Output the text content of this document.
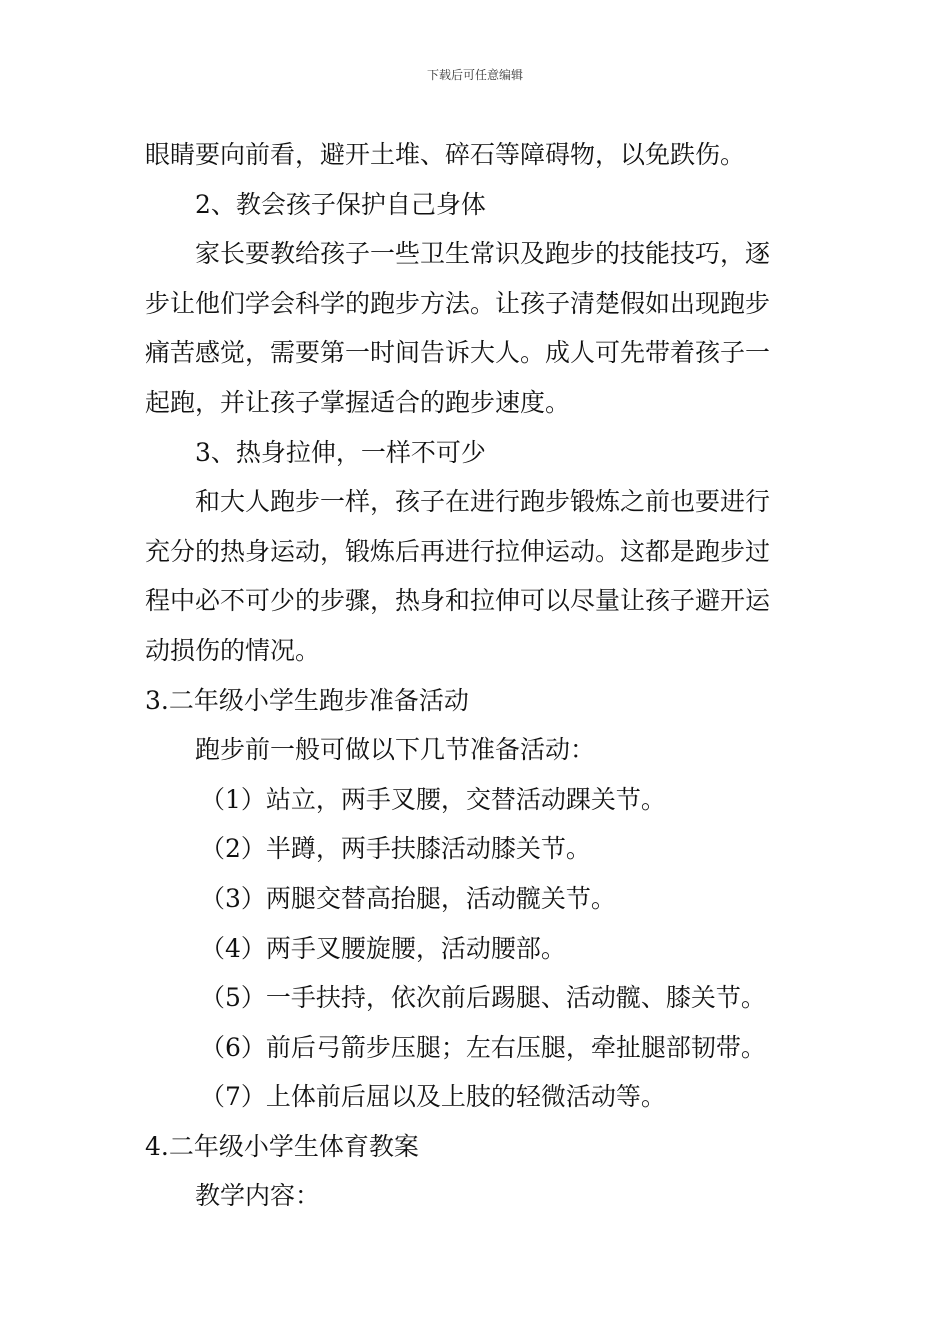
下载后可任意编辑
眼睛要向前看，避开土堆、碎石等障碍物，以免跌伤。
2、教会孩子保护自己身体
家长要教给孩子一些卫生常识及跑步的技能技巧，逐
步让他们学会科学的跑步方法。让孩子清楚假如出现跑步
痛苦感觉，需要第一时间告诉大人。成人可先带着孩子一
起跑，并让孩子掌握适合的跑步速度。
3、热身拉伸，一样不可少
和大人跑步一样，孩子在进行跑步锻炼之前也要进行
充分的热身运动，锻炼后再进行拉伸运动。这都是跑步过
程中必不可少的步骤，热身和拉伸可以尽量让孩子避开运
动损伤的情况。
3.二年级小学生跑步准备活动
跑步前一般可做以下几节准备活动：
（1）站立，两手叉腰，交替活动踝关节。
（2）半蹲，两手扶膝活动膝关节。
（3）两腿交替高抬腿，活动髋关节。
（4）两手叉腰旋腰，活动腰部。
（5）一手扶持，依次前后踢腿、活动髋、膝关节。
（6）前后弓箭步压腿；左右压腿，牵扯腿部韧带。
（7）上体前后屈以及上肢的轻微活动等。
4.二年级小学生体育教案
教学内容：
